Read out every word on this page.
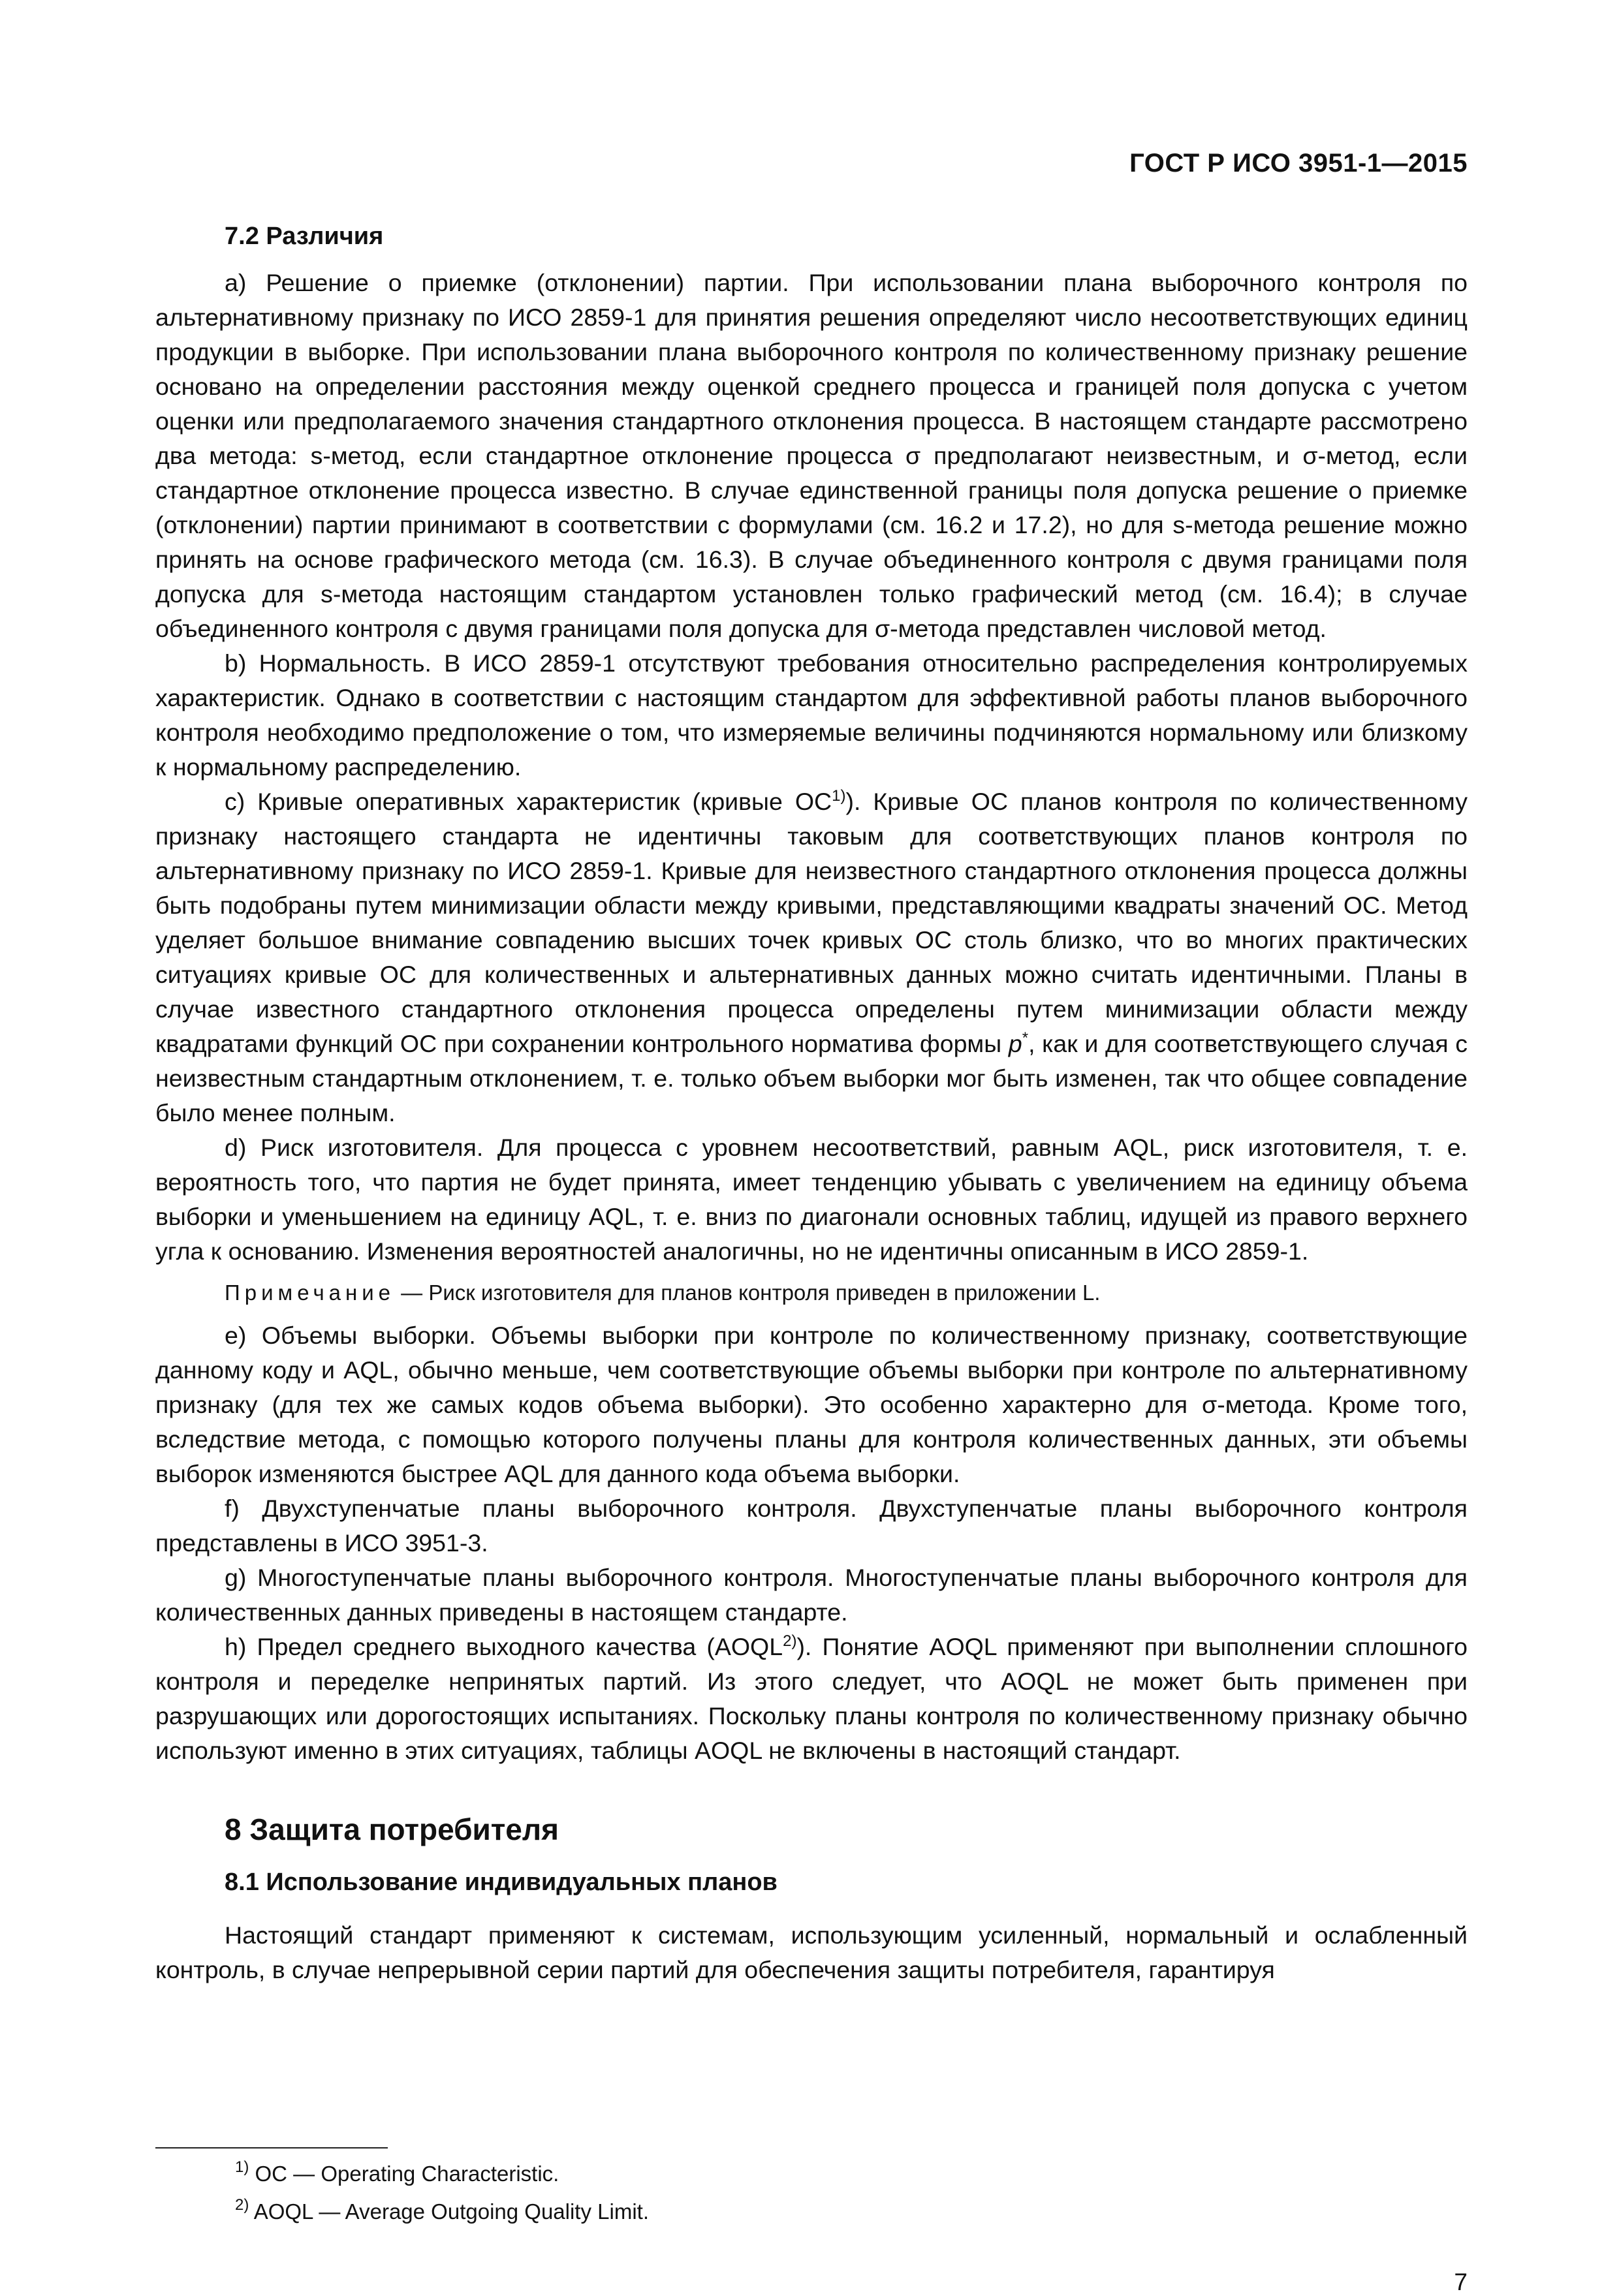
ГОСТ Р ИСО 3951-1—2015
7.2 Различия

a) Решение о приемке (отклонении) партии. При использовании плана выборочного контроля по альтернативному признаку по ИСО 2859-1 для принятия решения определяют число несоответствующих единиц продукции в выборке. При использовании плана выборочного контроля по количественному признаку решение основано на определении расстояния между оценкой среднего процесса и границей поля допуска с учетом оценки или предполагаемого значения стандартного отклонения процесса. В настоящем стандарте рассмотрено два метода: s-метод, если стандартное отклонение процесса σ предполагают неизвестным, и σ-метод, если стандартное отклонение процесса известно. В случае единственной границы поля допуска решение о приемке (отклонении) партии принимают в соответствии с формулами (см. 16.2 и 17.2), но для s-метода решение можно принять на основе графического метода (см. 16.3). В случае объединенного контроля с двумя границами поля допуска для s-метода настоящим стандартом установлен только графический метод (см. 16.4); в случае объединенного контроля с двумя границами поля допуска для σ-метода представлен числовой метод.

b) Нормальность. В ИСО 2859-1 отсутствуют требования относительно распределения контролируемых характеристик. Однако в соответствии с настоящим стандартом для эффективной работы планов выборочного контроля необходимо предположение о том, что измеряемые величины подчиняются нормальному или близкому к нормальному распределению.

c) Кривые оперативных характеристик (кривые ОС$^{1)}$). Кривые ОС планов контроля по количественному признаку настоящего стандарта не идентичны таковым для соответствующих планов контроля по альтернативному признаку по ИСО 2859-1. Кривые для неизвестного стандартного отклонения процесса должны быть подобраны путем минимизации области между кривыми, представляющими квадраты значений ОС. Метод уделяет большое внимание совпадению высших точек кривых ОС столь близко, что во многих практических ситуациях кривые ОС для количественных и альтернативных данных можно считать идентичными. Планы в случае известного стандартного отклонения процесса определены путем минимизации области между квадратами функций ОС при сохранении контрольного норматива формы p*, как и для соответствующего случая с неизвестным стандартным отклонением, т. е. только объем выборки мог быть изменен, так что общее совпадение было менее полным.

d) Риск изготовителя. Для процесса с уровнем несоответствий, равным AQL, риск изготовителя, т. е. вероятность того, что партия не будет принята, имеет тенденцию убывать с увеличением на единицу объема выборки и уменьшением на единицу AQL, т. е. вниз по диагонали основных таблиц, идущей из правого верхнего угла к основанию. Изменения вероятностей аналогичны, но не идентичны описанным в ИСО 2859-1.

Примечание — Риск изготовителя для планов контроля приведен в приложении L.

e) Объемы выборки. Объемы выборки при контроле по количественному признаку, соответствующие данному коду и AQL, обычно меньше, чем соответствующие объемы выборки при контроле по альтернативному признаку (для тех же самых кодов объема выборки). Это особенно характерно для σ-метода. Кроме того, вследствие метода, с помощью которого получены планы для контроля количественных данных, эти объемы выборок изменяются быстрее AQL для данного кода объема выборки.

f) Двухступенчатые планы выборочного контроля. Двухступенчатые планы выборочного контроля представлены в ИСО 3951-3.

g) Многоступенчатые планы выборочного контроля. Многоступенчатые планы выборочного контроля для количественных данных приведены в настоящем стандарте.

h) Предел среднего выходного качества (AOQL$^{2)}$). Понятие AOQL применяют при выполнении сплошного контроля и переделке непринятых партий. Из этого следует, что AOQL не может быть применен при разрушающих или дорогостоящих испытаниях. Поскольку планы контроля по количественному признаку обычно используют именно в этих ситуациях, таблицы AOQL не включены в настоящий стандарт.

8 Защита потребителя
8.1 Использование индивидуальных планов

Настоящий стандарт применяют к системам, использующим усиленный, нормальный и ослабленный контроль, в случае непрерывной серии партий для обеспечения защиты потребителя, гарантируя

$^{1)}$ ОС — Operating Characteristic.
$^{2)}$ AOQL — Average Outgoing Quality Limit.
7
